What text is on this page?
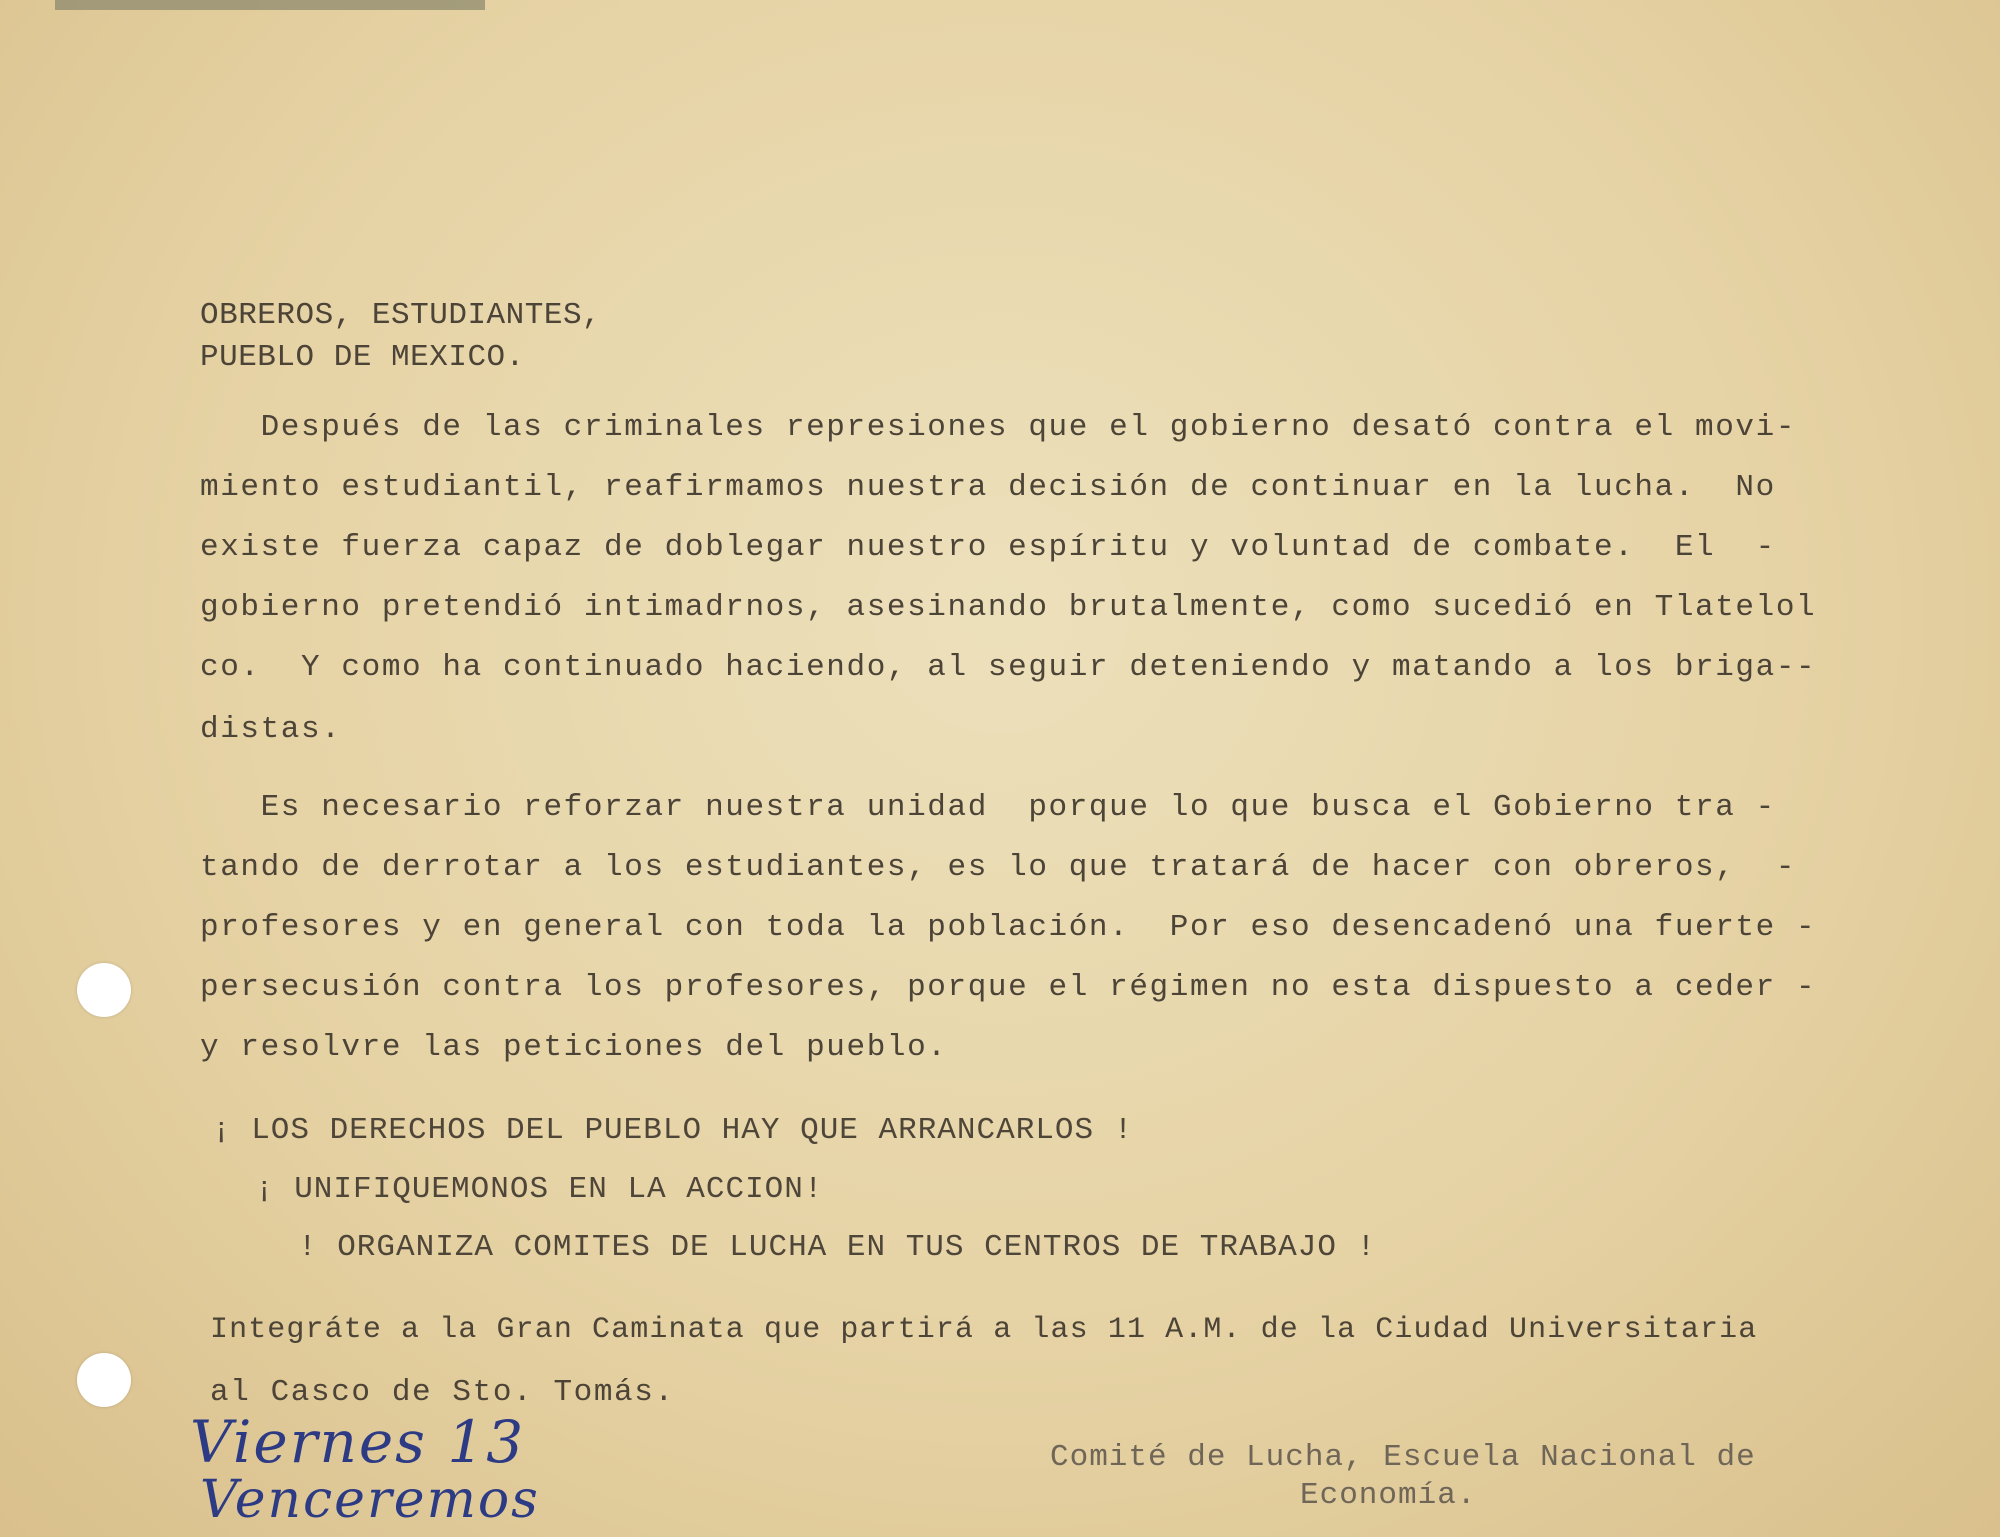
OBREROS, ESTUDIANTES,
PUEBLO DE MEXICO.
Después de las criminales represiones que el gobierno desató contra el movi-
miento estudiantil, reafirmamos nuestra decisión de continuar en la lucha.  No
existe fuerza capaz de doblegar nuestro espíritu y voluntad de combate.  El  -
gobierno pretendió intimadrnos, asesinando brutalmente, como sucedió en Tlatelol
co.  Y como ha continuado haciendo, al seguir deteniendo y matando a los briga--
distas.
Es necesario reforzar nuestra unidad  porque lo que busca el Gobierno tra -
tando de derrotar a los estudiantes, es lo que tratará de hacer con obreros,  -
profesores y en general con toda la población.  Por eso desencadenó una fuerte -
persecusión contra los profesores, porque el régimen no esta dispuesto a ceder -
y resolvre las peticiones del pueblo.
¡ LOS DERECHOS DEL PUEBLO HAY QUE ARRANCARLOS !
¡ UNIFIQUEMONOS EN LA ACCION!
! ORGANIZA COMITES DE LUCHA EN TUS CENTROS DE TRABAJO !
Integráte a la Gran Caminata que partirá a las 11 A.M. de la Ciudad Universitaria
al Casco de Sto. Tomás.
Comité de Lucha, Escuela Nacional de
Economía.
Viernes 13
Venceremos
